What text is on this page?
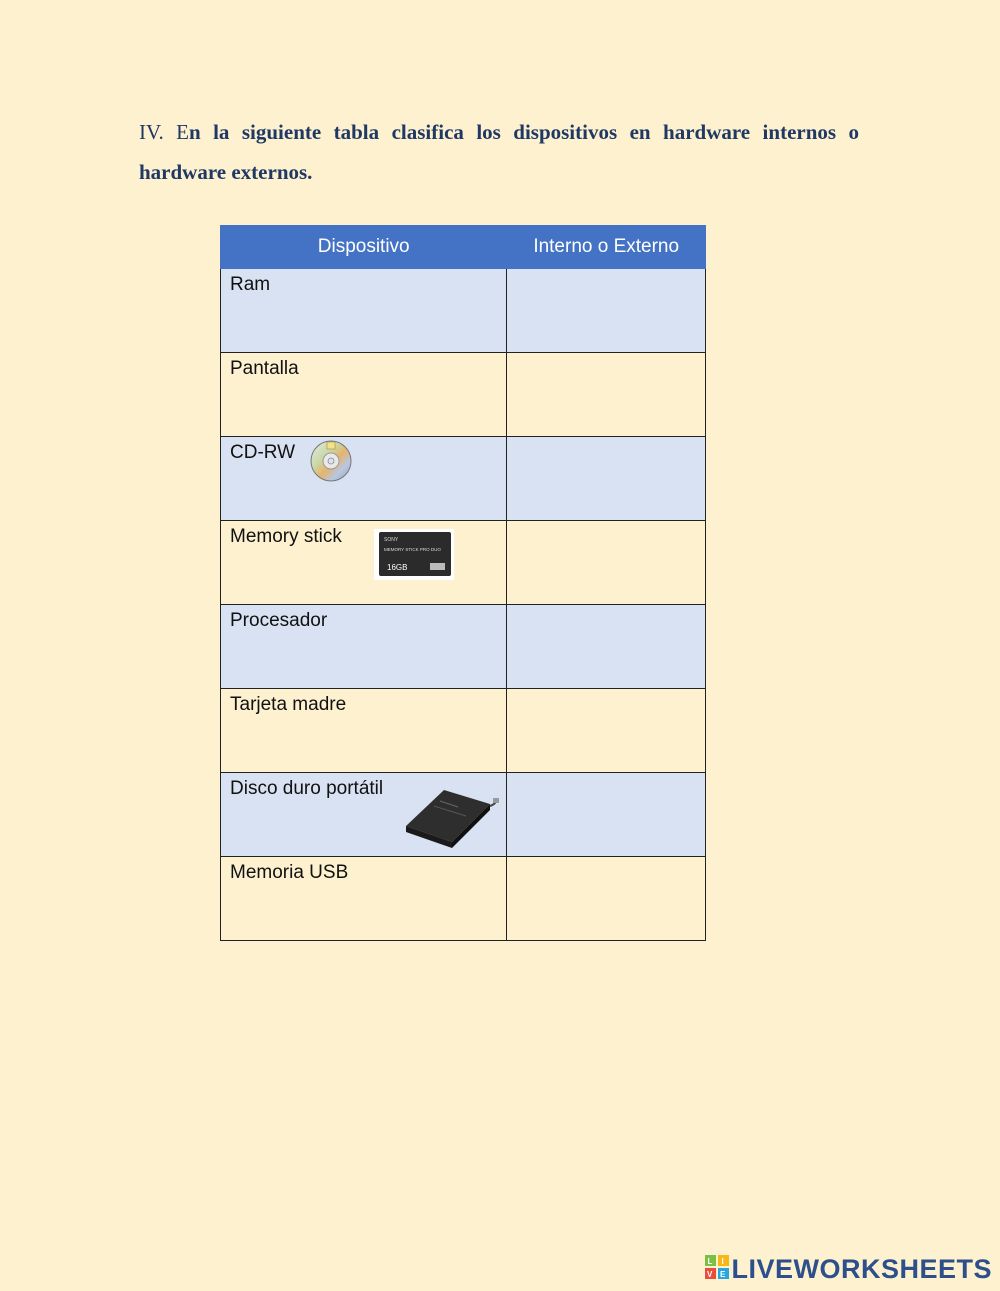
IV. En la siguiente tabla clasifica los dispositivos en hardware internos o hardware externos.

Dispositivo	Interno o Externo

Ram	

Pantalla	

CD-RW	

Memory stick SONY
MEMORY STICK PRO DUO
16GB	

Procesador	

Tarjeta madre	

Disco duro portátil	

Memoria USB	

L I
V E LIVEWORKSHEETS
